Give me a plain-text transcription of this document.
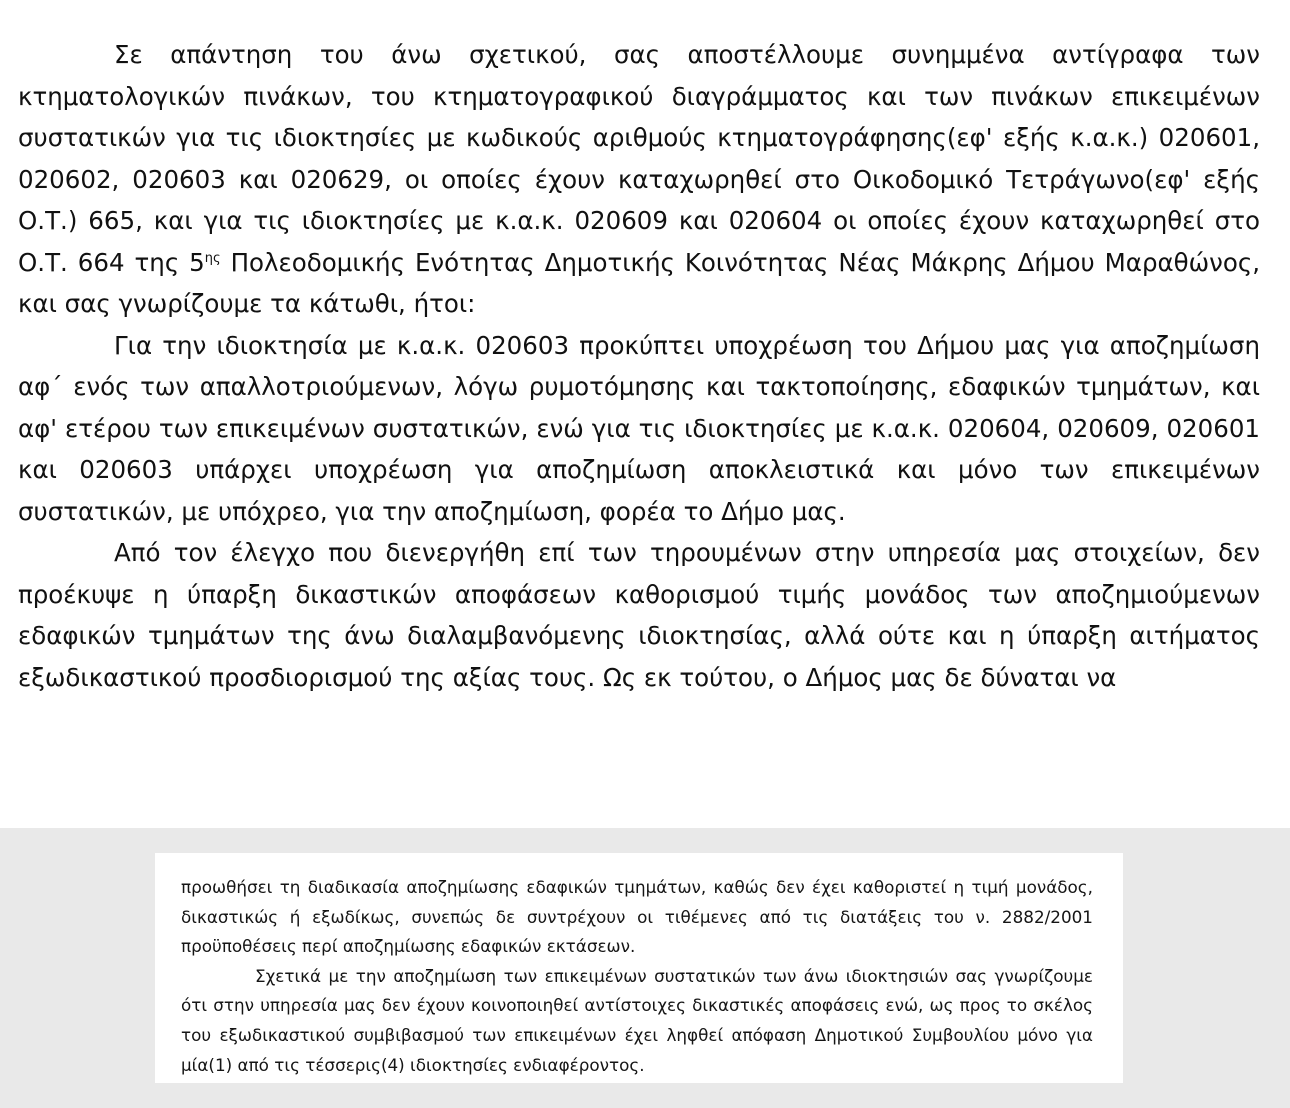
Σε απάντηση του άνω σχετικού, σας αποστέλλουμε συνημμένα αντίγραφα των κτηματολογικών πινάκων, του κτηματογραφικού διαγράμματος και των πινάκων επικειμένων συστατικών για τις ιδιοκτησίες με κωδικούς αριθμούς κτηματογράφησης(εφ' εξής κ.α.κ.) 020601, 020602, 020603 και 020629, οι οποίες έχουν καταχωρηθεί στο Οικοδομικό Τετράγωνο(εφ' εξής Ο.Τ.) 665, και για τις ιδιοκτησίες με κ.α.κ. 020609 και 020604 οι οποίες έχουν καταχωρηθεί στο Ο.Τ. 664 της $5^{\eta\varsigma}$ Πολεοδομικής Ενότητας Δημοτικής Κοινότητας Νέας Μάκρης Δήμου Μαραθώνος, και σας γνωρίζουμε τα κάτωθι, ήτοι:

Για την ιδιοκτησία με κ.α.κ. 020603 προκύπτει υποχρέωση του Δήμου μας για αποζημίωση αφ΄ ενός των απαλλοτριούμενων, λόγω ρυμοτόμησης και τακτοποίησης, εδαφικών τμημάτων, και αφ' ετέρου των επικειμένων συστατικών, ενώ για τις ιδιοκτησίες με κ.α.κ. 020604, 020609, 020601 και 020603 υπάρχει υποχρέωση για αποζημίωση αποκλειστικά και μόνο των επικειμένων συστατικών, με υπόχρεο, για την αποζημίωση, φορέα το Δήμο μας.

Από τον έλεγχο που διενεργήθη επί των τηρουμένων στην υπηρεσία μας στοιχείων, δεν προέκυψε η ύπαρξη δικαστικών αποφάσεων καθορισμού τιμής μονάδος των αποζημιούμενων εδαφικών τμημάτων της άνω διαλαμβανόμενης ιδιοκτησίας, αλλά ούτε και η ύπαρξη αιτήματος εξωδικαστικού προσδιορισμού της αξίας τους. Ως εκ τούτου, ο Δήμος μας δε δύναται να

προωθήσει τη διαδικασία αποζημίωσης εδαφικών τμημάτων, καθώς δεν έχει καθοριστεί η τιμή μονάδος, δικαστικώς ή εξωδίκως, συνεπώς δε συντρέχουν οι τιθέμενες από τις διατάξεις του ν. 2882/2001 προϋποθέσεις περί αποζημίωσης εδαφικών εκτάσεων.

Σχετικά με την αποζημίωση των επικειμένων συστατικών των άνω ιδιοκτησιών σας γνωρίζουμε ότι στην υπηρεσία μας δεν έχουν κοινοποιηθεί αντίστοιχες δικαστικές αποφάσεις ενώ, ως προς το σκέλος του εξωδικαστικού συμβιβασμού των επικειμένων έχει ληφθεί απόφαση Δημοτικού Συμβουλίου μόνο για μία(1) από τις τέσσερις(4) ιδιοκτησίες ενδιαφέροντος.
